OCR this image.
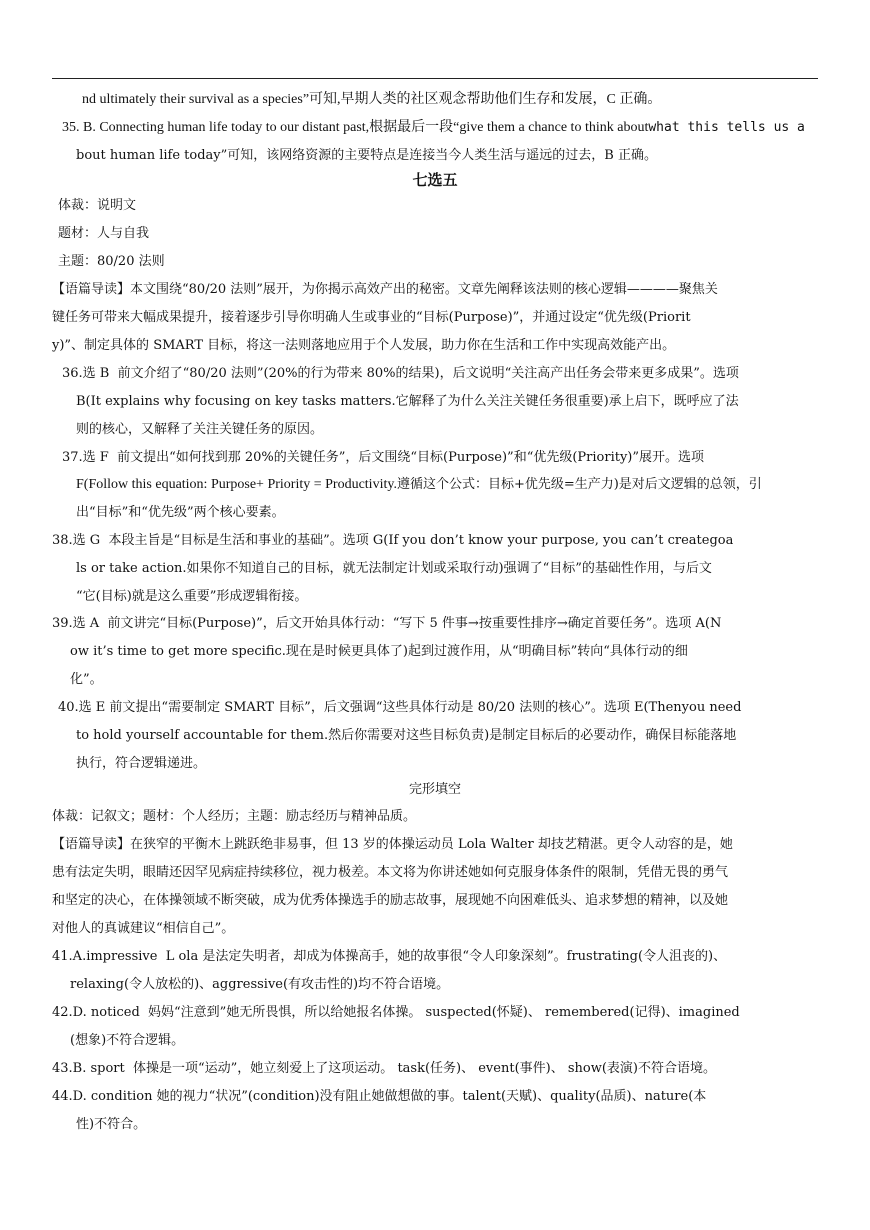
nd ultimately their survival as a species”可知,早期人类的社区观念帮助他们生存和发展，C 正确。
35. B. Connecting human life today to our distant past,根据最后一段“give them a chance to think aboutwhat this tells us a
bout human life today”可知，该网络资源的主要特点是连接当今人类生活与遥远的过去，B 正确。
七选五
体裁：说明文
题材：人与自我
主题：80/20 法则
【语篇导读】本文围绕“80/20 法则”展开，为你揭示高效产出的秘密。文章先阐释该法则的核心逻辑————聚焦关
键任务可带来大幅成果提升，接着逐步引导你明确人生或事业的“目标(Purpose)”，并通过设定“优先级(Priorit
y)”、制定具体的 SMART 目标，将这一法则落地应用于个人发展，助力你在生活和工作中实现高效能产出。
36.选 B  前文介绍了“80/20 法则”(20%的行为带来 80%的结果)，后文说明“关注高产出任务会带来更多成果”。选项
B(It explains why focusing on key tasks matters.它解释了为什么关注关键任务很重要)承上启下，既呼应了法
则的核心，又解释了关注关键任务的原因。
37.选 F  前文提出“如何找到那 20%的关键任务”，后文围绕“目标(Purpose)”和“优先级(Priority)”展开。选项
F(Follow this equation: Purpose+ Priority = Productivity.遵循这个公式：目标+优先级=生产力)是对后文逻辑的总领，引
出“目标”和“优先级”两个核心要素。
38.选 G  本段主旨是“目标是生活和事业的基础”。选项 G(If you don’t know your purpose, you can’t creategoa
ls or take action.如果你不知道自己的目标，就无法制定计划或采取行动)强调了“目标”的基础性作用，与后文
“它(目标)就是这么重要”形成逻辑衔接。
39.选 A  前文讲完“目标(Purpose)”，后文开始具体行动：“写下 5 件事→按重要性排序→确定首要任务”。选项 A(N
ow it’s time to get more specific.现在是时候更具体了)起到过渡作用，从“明确目标”转向“具体行动的细
化”。
40.选 E 前文提出“需要制定 SMART 目标”，后文强调“这些具体行动是 80/20 法则的核心”。选项 E(Thenyou need
to hold yourself accountable for them.然后你需要对这些目标负责)是制定目标后的必要动作，确保目标能落地
执行，符合逻辑递进。
完形填空
体裁：记叙文；题材：个人经历；主题：励志经历与精神品质。
【语篇导读】在狭窄的平衡木上跳跃绝非易事，但 13 岁的体操运动员 Lola Walter 却技艺精湛。更令人动容的是，她
患有法定失明，眼睛还因罕见病症持续移位，视力极差。本文将为你讲述她如何克服身体条件的限制，凭借无畏的勇气
和坚定的决心，在体操领域不断突破，成为优秀体操选手的励志故事，展现她不向困难低头、追求梦想的精神，以及她
对他人的真诚建议“相信自己”。
41.A.impressive  L ola 是法定失明者，却成为体操高手，她的故事很“令人印象深刻”。frustrating(令人沮丧的)、
relaxing(令人放松的)、aggressive(有攻击性的)均不符合语境。
42.D. noticed  妈妈“注意到”她无所畏惧，所以给她报名体操。 suspected(怀疑)、 remembered(记得)、imagined
(想象)不符合逻辑。
43.B. sport  体操是一项“运动”，她立刻爱上了这项运动。 task(任务)、 event(事件)、 show(表演)不符合语境。
44.D. condition 她的视力“状况”(condition)没有阻止她做想做的事。talent(天赋)、quality(品质)、nature(本
性)不符合。
